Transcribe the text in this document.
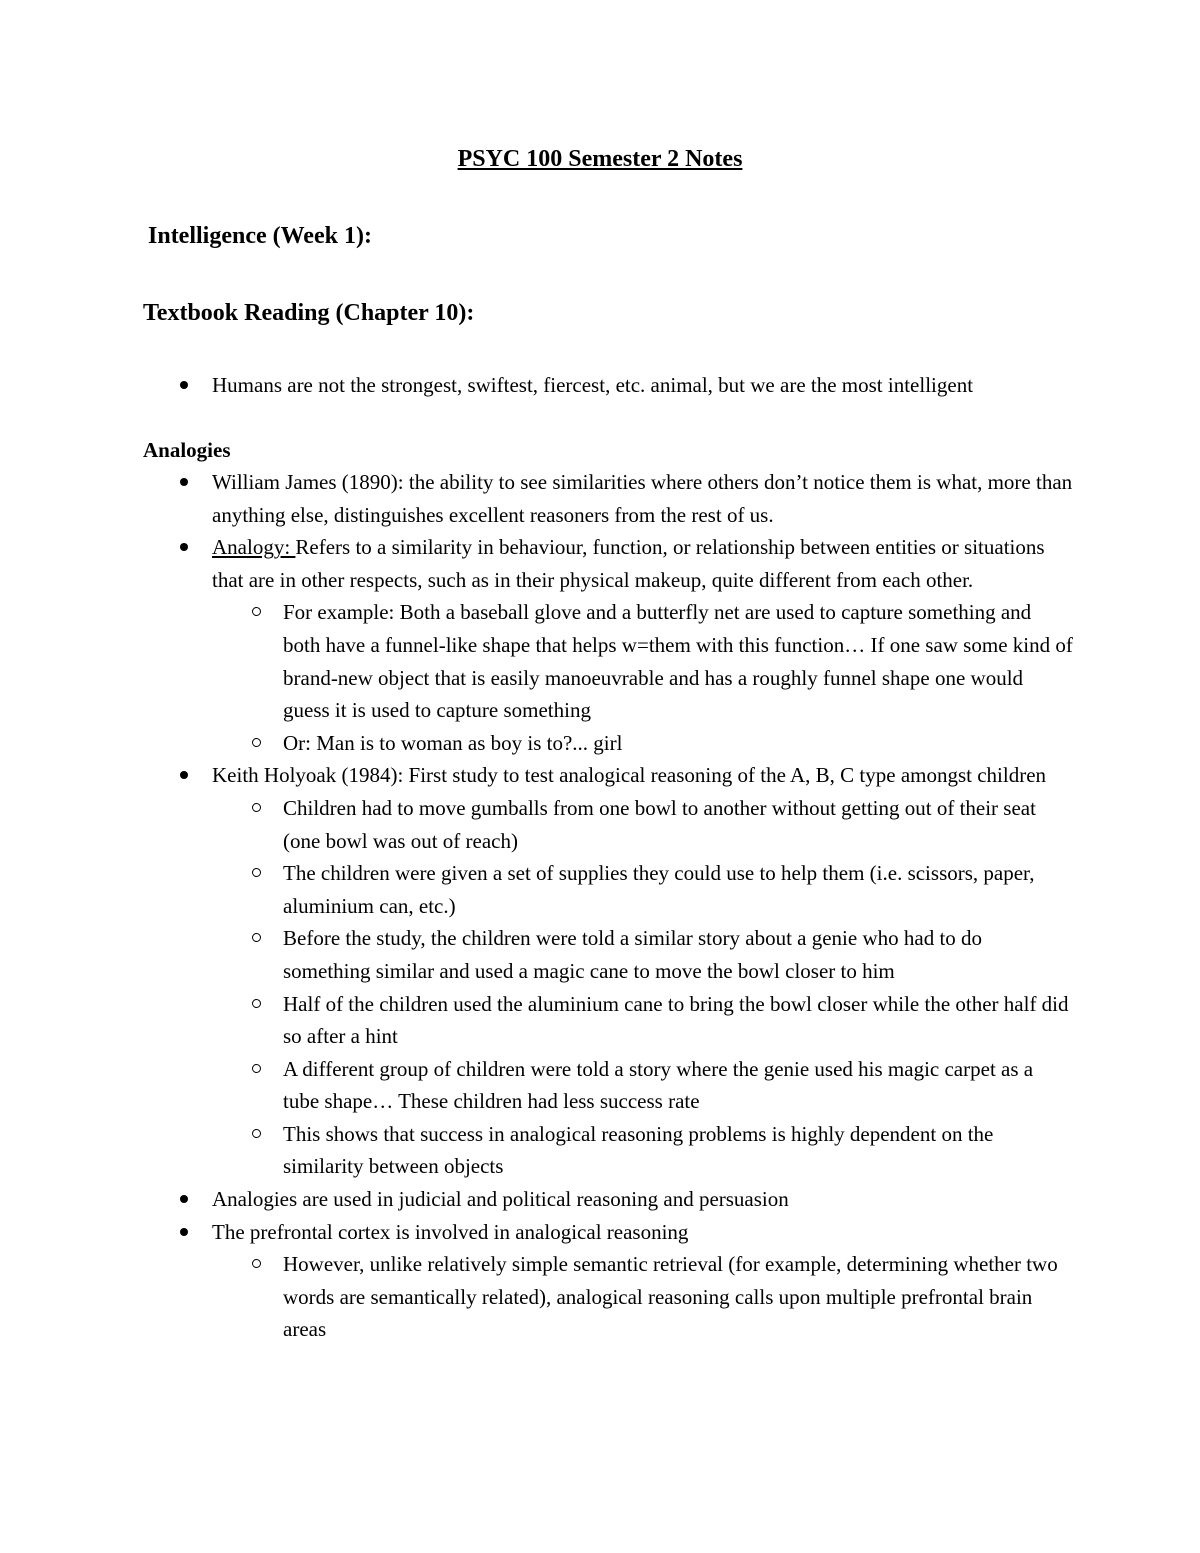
PSYC 100 Semester 2 Notes
Intelligence (Week 1):
Textbook Reading (Chapter 10):
Humans are not the strongest, swiftest, fiercest, etc. animal, but we are the most intelligent
Analogies
William James (1890): the ability to see similarities where others don’t notice them is what, more than anything else, distinguishes excellent reasoners from the rest of us.
Analogy: Refers to a similarity in behaviour, function, or relationship between entities or situations that are in other respects, such as in their physical makeup, quite different from each other.
For example: Both a baseball glove and a butterfly net are used to capture something and both have a funnel-like shape that helps w=them with this function… If one saw some kind of brand-new object that is easily manoeuvrable and has a roughly funnel shape one would guess it is used to capture something
Or: Man is to woman as boy is to?... girl
Keith Holyoak (1984): First study to test analogical reasoning of the A, B, C type amongst children
Children had to move gumballs from one bowl to another without getting out of their seat (one bowl was out of reach)
The children were given a set of supplies they could use to help them (i.e. scissors, paper, aluminium can, etc.)
Before the study, the children were told a similar story about a genie who had to do something similar and used a magic cane to move the bowl closer to him
Half of the children used the aluminium cane to bring the bowl closer while the other half did so after a hint
A different group of children were told a story where the genie used his magic carpet as a tube shape… These children had less success rate
This shows that success in analogical reasoning problems is highly dependent on the similarity between objects
Analogies are used in judicial and political reasoning and persuasion
The prefrontal cortex is involved in analogical reasoning
However, unlike relatively simple semantic retrieval (for example, determining whether two words are semantically related), analogical reasoning calls upon multiple prefrontal brain areas
